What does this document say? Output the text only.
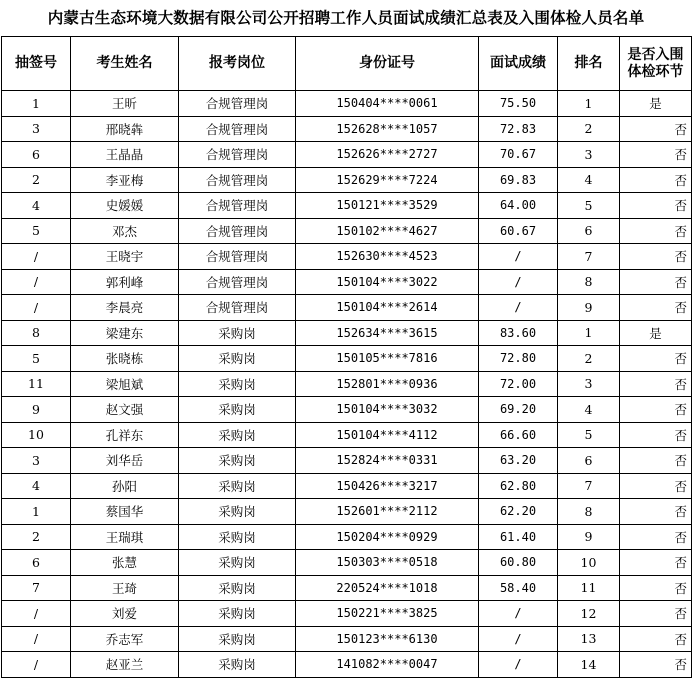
内蒙古生态环境大数据有限公司公开招聘工作人员面试成绩汇总表及入围体检人员名单
抽签号	考生姓名	报考岗位	身份证号	面试成绩	排名	是否入围体检环节
1	王昕	合规管理岗	150404****0061	75.50	1	是
3	邢晓犇	合规管理岗	152628****1057	72.83	2	否
6	王晶晶	合规管理岗	152626****2727	70.67	3	否
2	李亚梅	合规管理岗	152629****7224	69.83	4	否
4	史媛媛	合规管理岗	150121****3529	64.00	5	否
5	邓杰	合规管理岗	150102****4627	60.67	6	否
/	王晓宇	合规管理岗	152630****4523	/	7	否
/	郭利峰	合规管理岗	150104****3022	/	8	否
/	李晨亮	合规管理岗	150104****2614	/	9	否
8	梁建东	采购岗	152634****3615	83.60	1	是
5	张晓栋	采购岗	150105****7816	72.80	2	否
11	梁旭斌	采购岗	152801****0936	72.00	3	否
9	赵文强	采购岗	150104****3032	69.20	4	否
10	孔祥东	采购岗	150104****4112	66.60	5	否
3	刘华岳	采购岗	152824****0331	63.20	6	否
4	孙阳	采购岗	150426****3217	62.80	7	否
1	蔡国华	采购岗	152601****2112	62.20	8	否
2	王瑞琪	采购岗	150204****0929	61.40	9	否
6	张慧	采购岗	150303****0518	60.80	10	否
7	王琦	采购岗	220524****1018	58.40	11	否
/	刘爱	采购岗	150221****3825	/	12	否
/	乔志军	采购岗	150123****6130	/	13	否
/	赵亚兰	采购岗	141082****0047	/	14	否
